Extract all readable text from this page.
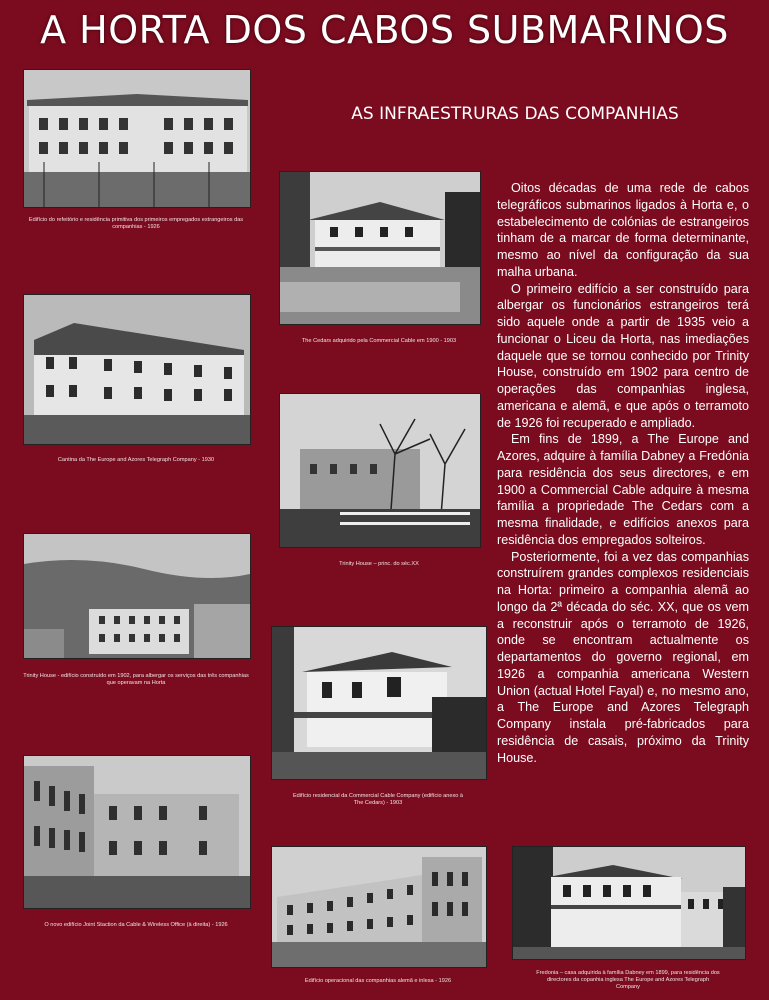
A HORTA DOS CABOS SUBMARINOS
AS INFRAESTRURAS DAS COMPANHIAS
Edifício do refeitório e residência primitiva dos primeiros empregados estrangeiros das companhias - 1926
The Cedars adquirido pela Commercial Cable em 1900 - 1903
Cantina da The Europe and Azores Telegraph Company - 1930
Trinity House – princ. do séc.XX
Trinity House - edifício construído em 1902, para albergar os serviços das três companhias que operavam na Horta
Edifício residencial da Commercial Cable Company (edifício anexo à The Cedars) - 1903
O novo edifício Joint Staction da Cable & Wireless Office (à direita) - 1926
Edifício operacional das companhias alemã e inlesa - 1926
Fredonia – casa adquirida à família Dabney em 1899, para residência dos directores da copanhia inglesa The Europe and Azores Telegraph Company

Oitos décadas de uma rede de cabos telegráficos submarinos ligados à Horta e, o estabelecimento de colónias de estrangeiros tinham de a marcar de forma determinante, mesmo ao nível da configuração da sua malha urbana.

O primeiro edifício a ser construído para albergar os funcionários estrangeiros terá sido aquele onde a partir de 1935 veio a funcionar o Liceu da Horta, nas imediações daquele que se tornou conhecido por Trinity House, construído em 1902 para centro de operações das companhias inglesa, americana e alemã, e que após o terramoto de 1926 foi recuperado e ampliado.

Em fins de 1899, a The Europe and Azores, adquire à família Dabney a Fredónia para residência dos seus directores, e em 1900 a Commercial Cable adquire à mesma família a propriedade The Cedars com a mesma finalidade, e edifícios anexos para residência dos empregados solteiros.

Posteriormente, foi a vez das companhias construírem grandes complexos residenciais na Horta: primeiro a companhia alemã ao longo da 2ª década do séc. XX, que os vem a reconstruir após o terramoto de 1926, onde se encontram actualmente os departamentos do governo regional, em 1926 a companhia americana Western Union (actual Hotel Fayal) e, no mesmo ano, a The Europe and Azores Telegraph Company instala pré-fabricados para residência de casais, próximo da Trinity House.
